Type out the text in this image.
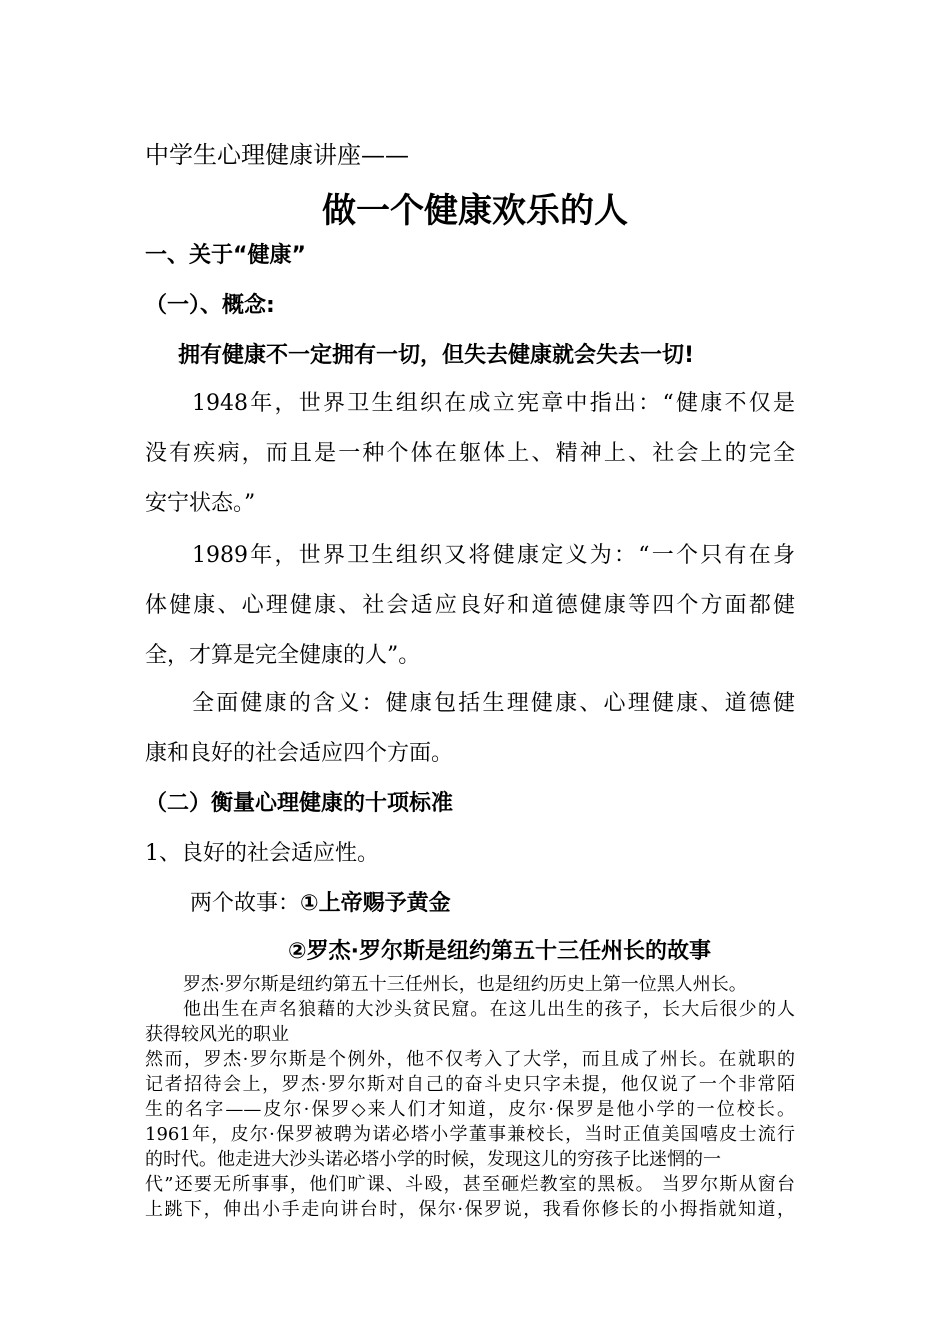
中学生心理健康讲座——
做一个健康欢乐的人
一、关于“健康”
（一）、概念:
拥有健康不一定拥有一切，但失去健康就会失去一切!
1948年，世界卫生组织在成立宪章中指出：“健康不仅是
没有疾病，而且是一种个体在躯体上、精神上、社会上的完全
安宁状态。”
1989年，世界卫生组织又将健康定义为：“一个只有在身
体健康、心理健康、社会适应良好和道德健康等四个方面都健
全，才算是完全健康的人”。
全面健康的含义：健康包括生理健康、心理健康、道德健
康和良好的社会适应四个方面。
（二）衡量心理健康的十项标准
1、良好的社会适应性。
两个故事：①上帝赐予黄金
②罗杰·罗尔斯是纽约第五十三任州长的故事
罗杰·罗尔斯是纽约第五十三任州长，也是纽约历史上第一位黑人州长。
他出生在声名狼藉的大沙头贫民窟。在这儿出生的孩子，长大后很少的人
获得较风光的职业
然而，罗杰·罗尔斯是个例外，他不仅考入了大学，而且成了州长。在就职的
记者招待会上，罗杰·罗尔斯对自己的奋斗史只字未提，他仅说了一个非常陌
生的名字——皮尔·保罗◇来人们才知道，皮尔·保罗是他小学的一位校长。
1961年，皮尔·保罗被聘为诺必塔小学董事兼校长，当时正值美国嘻皮士流行
的时代。他走进大沙头诺必塔小学的时候，发现这儿的穷孩子比迷惘的一
代”还要无所事事，他们旷课、斗殴，甚至砸烂教室的黑板。 当罗尔斯从窗台
上跳下，伸出小手走向讲台时，保尔·保罗说，我看你修长的小拇指就知道，
